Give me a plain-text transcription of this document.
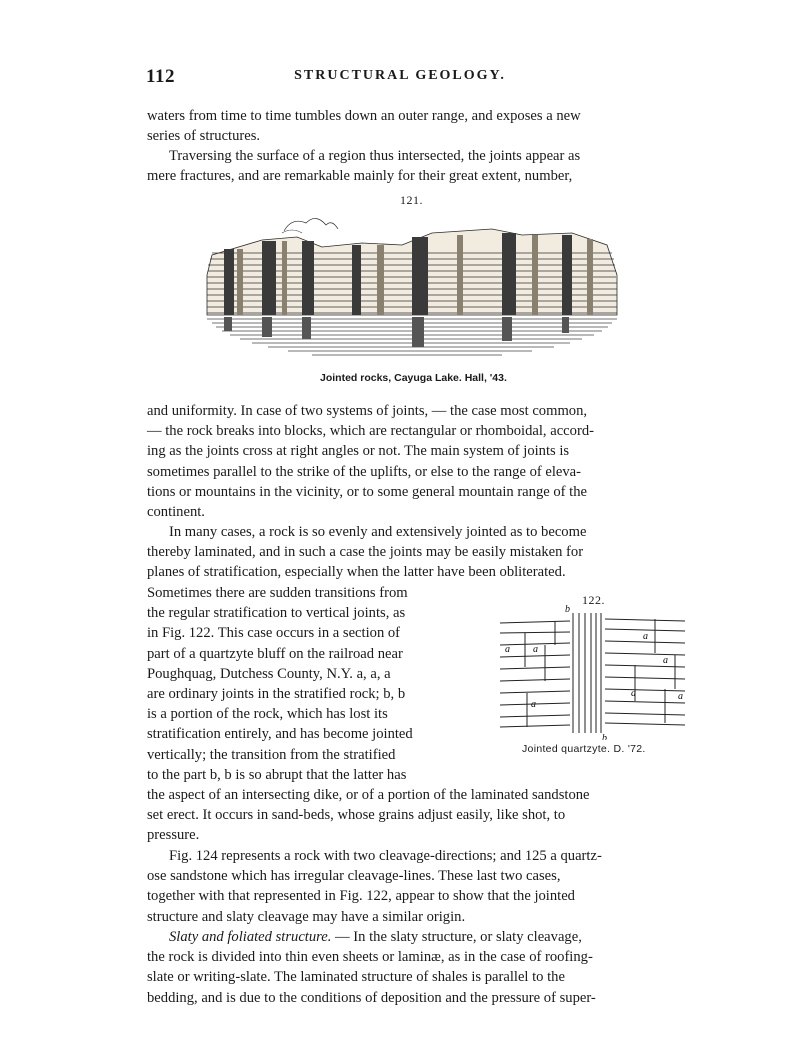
112	STRUCTURAL GEOLOGY.

waters from time to time tumbles down an outer range, and exposes a new
series of structures.

Traversing the surface of a region thus intersected, the joints appear as
mere fractures, and are remarkable mainly for their great extent, number,

121.
Jointed rocks, Cayuga Lake. Hall, '43.

and uniformity. In case of two systems of joints, — the case most common,
— the rock breaks into blocks, which are rectangular or rhomboidal, accord-
ing as the joints cross at right angles or not. The main system of joints is
sometimes parallel to the strike of the uplifts, or else to the range of eleva-
tions or mountains in the vicinity, or to some general mountain range of the
continent.

In many cases, a rock is so evenly and extensively jointed as to become
thereby laminated, and in such a case the joints may be easily mistaken for
planes of stratification, especially when the latter have been obliterated.

Sometimes there are sudden transitions from
the regular stratification to vertical joints, as
in Fig. 122. This case occurs in a section of
part of a quartzyte bluff on the railroad near
Poughquag, Dutchess County, N.Y. a, a, a
are ordinary joints in the stratified rock; b, b
is a portion of the rock, which has lost its
stratification entirely, and has become jointed
vertically; the transition from the stratified
to the part b, b is so abrupt that the latter has

122.
a a
a
a
a
a	a
b
b
Jointed quartzyte. D. '72.

the aspect of an intersecting dike, or of a portion of the laminated sandstone
set erect. It occurs in sand-beds, whose grains adjust easily, like shot, to
pressure.

Fig. 124 represents a rock with two cleavage-directions; and 125 a quartz-
ose sandstone which has irregular cleavage-lines. These last two cases,
together with that represented in Fig. 122, appear to show that the jointed
structure and slaty cleavage may have a similar origin.

Slaty and foliated structure. — In the slaty structure, or slaty cleavage,
the rock is divided into thin even sheets or laminæ, as in the case of roofing-
slate or writing-slate. The laminated structure of shales is parallel to the
bedding, and is due to the conditions of deposition and the pressure of super-
